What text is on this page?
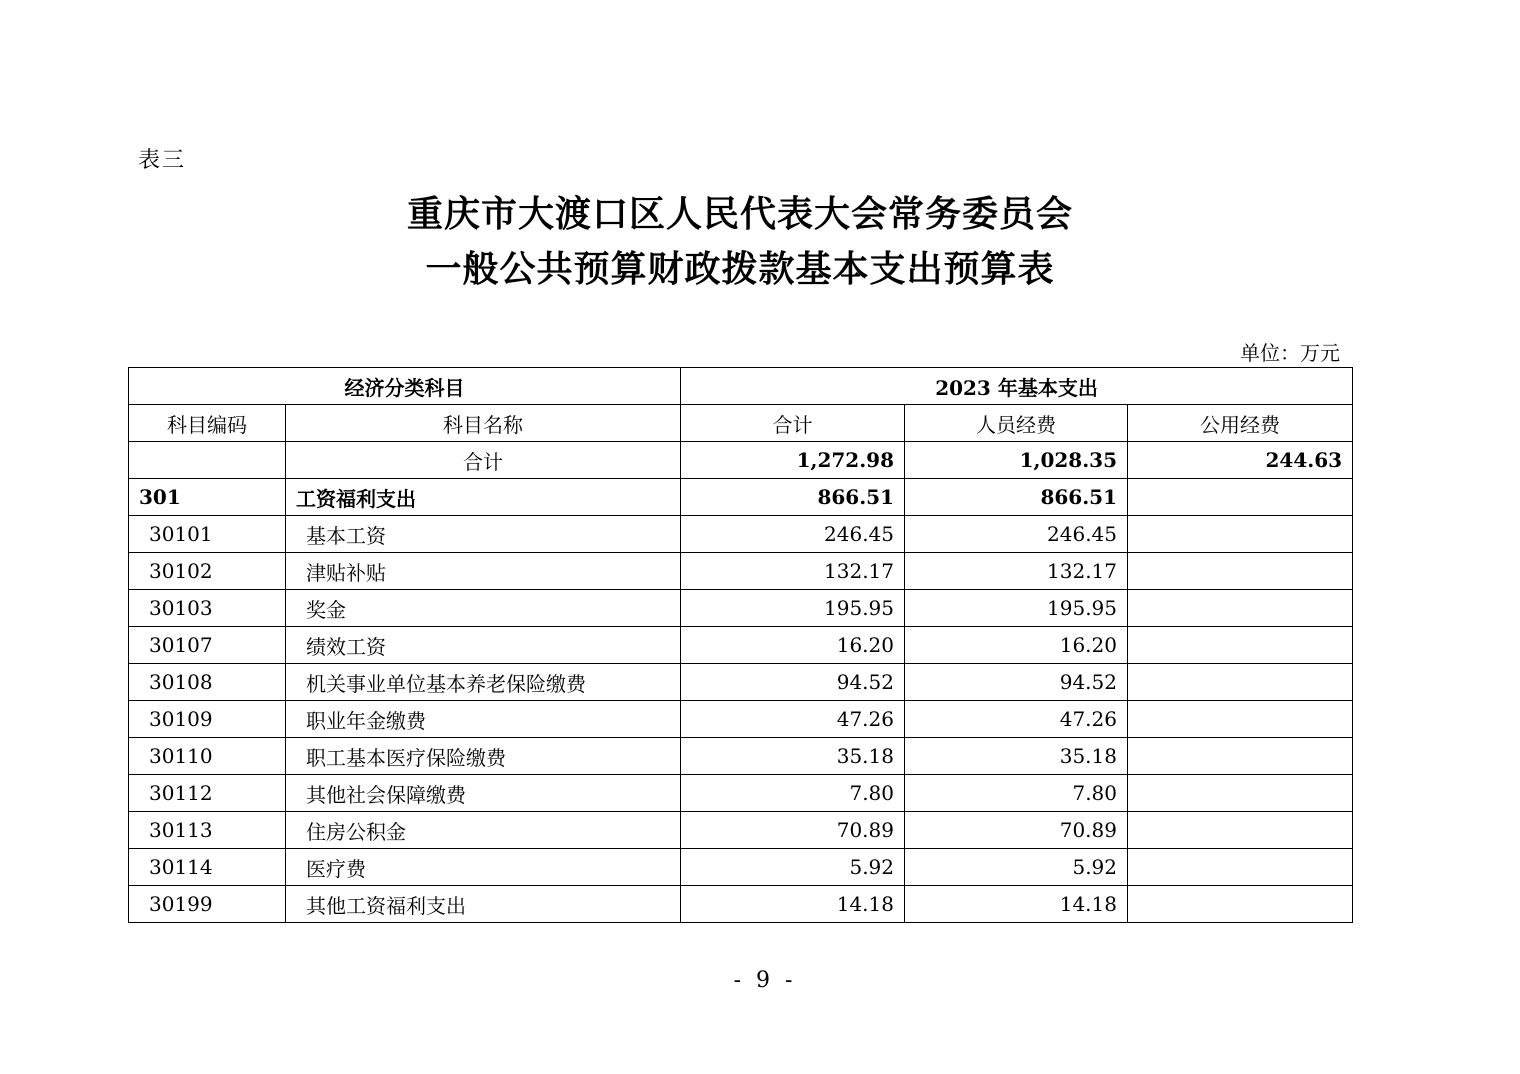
表三
重庆市大渡口区人民代表大会常务委员会
一般公共预算财政拨款基本支出预算表
单位：万元
经济分类科目		2023 年基本支出		
科目编码	科目名称	合计	人员经费	公用经费
	合计	1,272.98	1,028.35	244.63
301	工资福利支出	866.51	866.51	
30101	基本工资	246.45	246.45	
30102	津贴补贴	132.17	132.17	
30103	奖金	195.95	195.95	
30107	绩效工资	16.20	16.20	
30108	机关事业单位基本养老保险缴费	94.52	94.52	
30109	职业年金缴费	47.26	47.26	
30110	职工基本医疗保险缴费	35.18	35.18	
30112	其他社会保障缴费	7.80	7.80	
30113	住房公积金	70.89	70.89	
30114	医疗费	5.92	5.92	
30199	其他工资福利支出	14.18	14.18	
- 9 -
